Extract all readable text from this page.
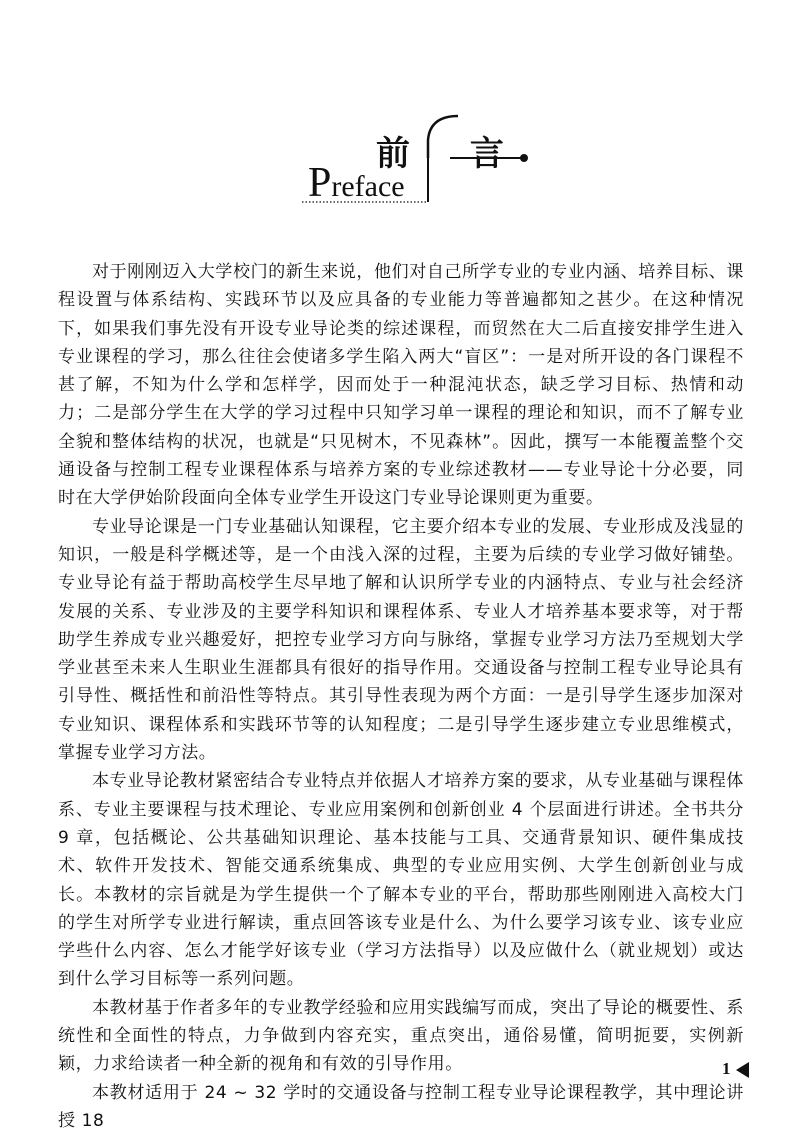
前 言
Preface

对于刚刚迈入大学校门的新生来说，他们对自己所学专业的专业内涵、培养目标、课程设置与体系结构、实践环节以及应具备的专业能力等普遍都知之甚少。在这种情况下，如果我们事先没有开设专业导论类的综述课程，而贸然在大二后直接安排学生进入专业课程的学习，那么往往会使诸多学生陷入两大“盲区”：一是对所开设的各门课程不甚了解，不知为什么学和怎样学，因而处于一种混沌状态，缺乏学习目标、热情和动力；二是部分学生在大学的学习过程中只知学习单一课程的理论和知识，而不了解专业全貌和整体结构的状况，也就是“只见树木，不见森林”。因此，撰写一本能覆盖整个交通设备与控制工程专业课程体系与培养方案的专业综述教材——专业导论十分必要，同时在大学伊始阶段面向全体专业学生开设这门专业导论课则更为重要。

专业导论课是一门专业基础认知课程，它主要介绍本专业的发展、专业形成及浅显的知识，一般是科学概述等，是一个由浅入深的过程，主要为后续的专业学习做好铺垫。专业导论有益于帮助高校学生尽早地了解和认识所学专业的内涵特点、专业与社会经济发展的关系、专业涉及的主要学科知识和课程体系、专业人才培养基本要求等，对于帮助学生养成专业兴趣爱好，把控专业学习方向与脉络，掌握专业学习方法乃至规划大学学业甚至未来人生职业生涯都具有很好的指导作用。交通设备与控制工程专业导论具有引导性、概括性和前沿性等特点。其引导性表现为两个方面：一是引导学生逐步加深对专业知识、课程体系和实践环节等的认知程度；二是引导学生逐步建立专业思维模式，掌握专业学习方法。

本专业导论教材紧密结合专业特点并依据人才培养方案的要求，从专业基础与课程体系、专业主要课程与技术理论、专业应用案例和创新创业 4 个层面进行讲述。全书共分 9 章，包括概论、公共基础知识理论、基本技能与工具、交通背景知识、硬件集成技术、软件开发技术、智能交通系统集成、典型的专业应用实例、大学生创新创业与成长。本教材的宗旨就是为学生提供一个了解本专业的平台，帮助那些刚刚进入高校大门的学生对所学专业进行解读，重点回答该专业是什么、为什么要学习该专业、该专业应学些什么内容、怎么才能学好该专业（学习方法指导）以及应做什么（就业规划）或达到什么学习目标等一系列问题。

本教材基于作者多年的专业教学经验和应用实践编写而成，突出了导论的概要性、系统性和全面性的特点，力争做到内容充实，重点突出，通俗易懂，简明扼要，实例新颖，力求给读者一种全新的视角和有效的引导作用。

本教材适用于 24 ~ 32 学时的交通设备与控制工程专业导论课程教学，其中理论讲授 18

1
